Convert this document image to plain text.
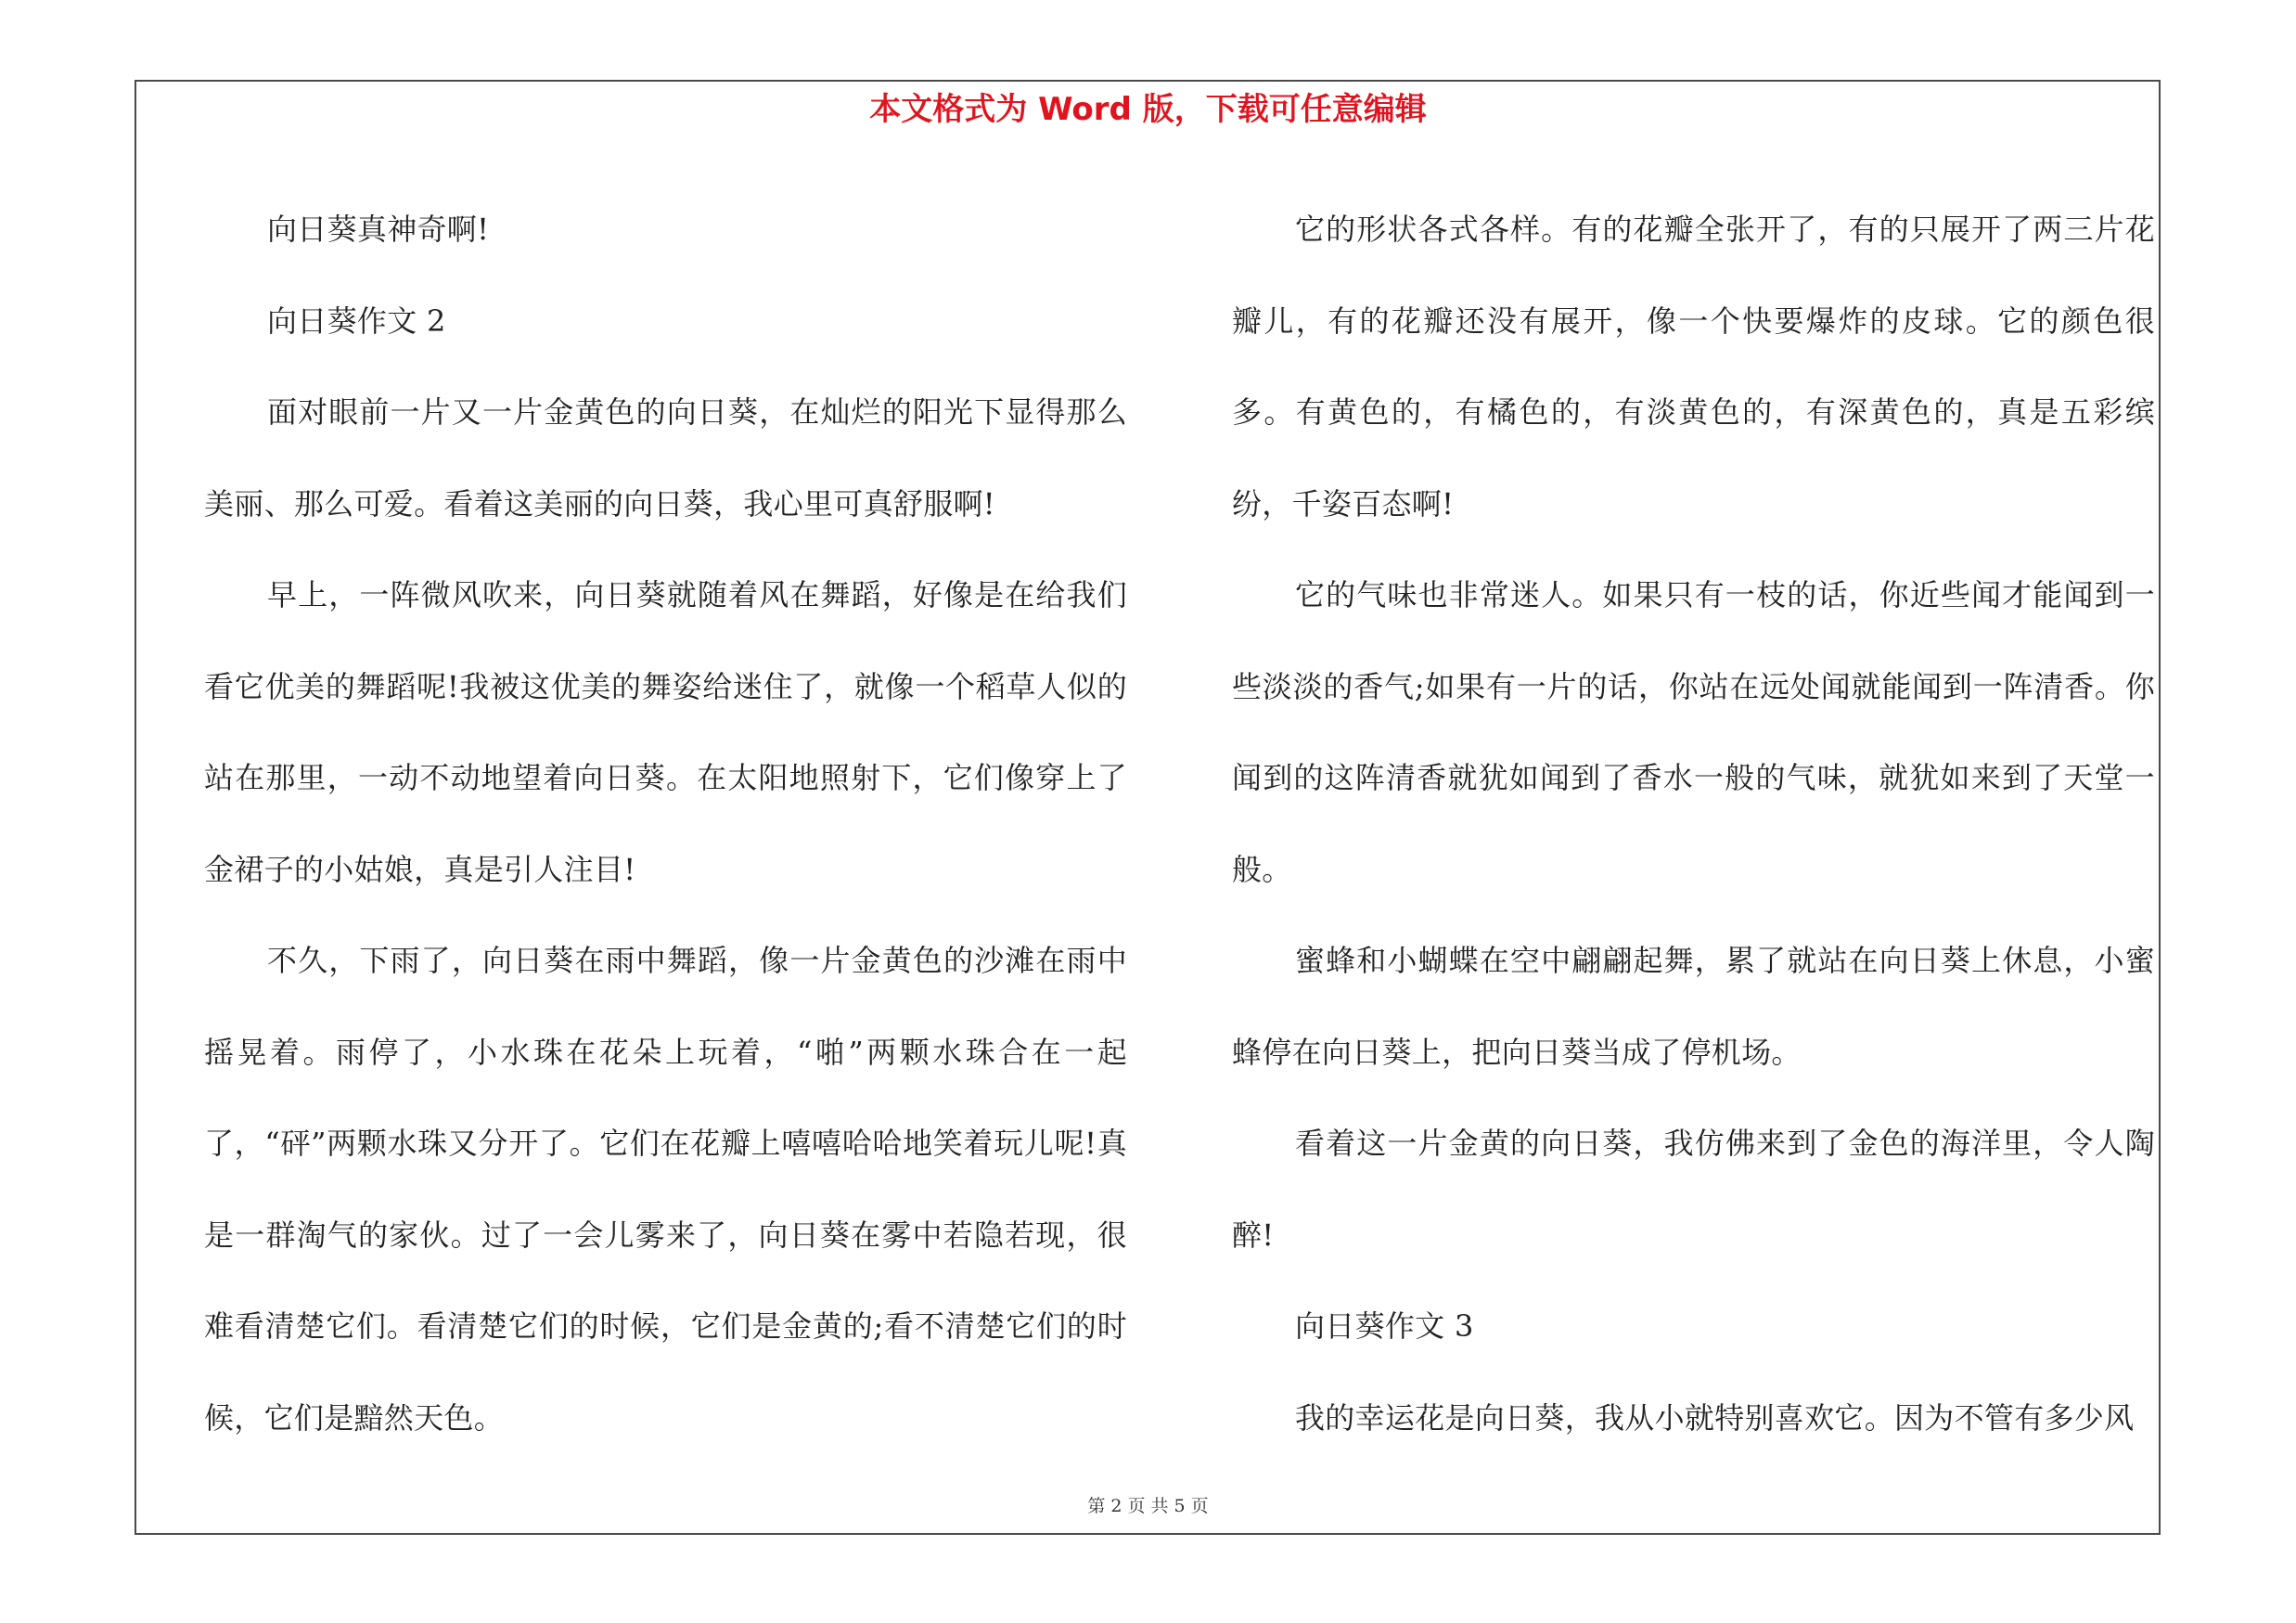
本文格式为 Word 版，下载可任意编辑

向日葵真神奇啊!

向日葵作文 2

面对眼前一片又一片金黄色的向日葵，在灿烂的阳光下显得那么美丽、那么可爱。看着这美丽的向日葵，我心里可真舒服啊!

早上，一阵微风吹来，向日葵就随着风在舞蹈，好像是在给我们看它优美的舞蹈呢!我被这优美的舞姿给迷住了，就像一个稻草人似的站在那里，一动不动地望着向日葵。在太阳地照射下，它们像穿上了金裙子的小姑娘，真是引人注目!

不久，下雨了，向日葵在雨中舞蹈，像一片金黄色的沙滩在雨中摇晃着。雨停了，小水珠在花朵上玩着，“啪”两颗水珠合在一起了，“砰”两颗水珠又分开了。它们在花瓣上嘻嘻哈哈地笑着玩儿呢!真是一群淘气的家伙。过了一会儿雾来了，向日葵在雾中若隐若现，很难看清楚它们。看清楚它们的时候，它们是金黄的;看不清楚它们的时候，它们是黯然天色。

它的形状各式各样。有的花瓣全张开了，有的只展开了两三片花瓣儿，有的花瓣还没有展开，像一个快要爆炸的皮球。它的颜色很多。有黄色的，有橘色的，有淡黄色的，有深黄色的，真是五彩缤纷，千姿百态啊!

它的气味也非常迷人。如果只有一枝的话，你近些闻才能闻到一些淡淡的香气;如果有一片的话，你站在远处闻就能闻到一阵清香。你闻到的这阵清香就犹如闻到了香水一般的气味，就犹如来到了天堂一般。

蜜蜂和小蝴蝶在空中翩翩起舞，累了就站在向日葵上休息，小蜜蜂停在向日葵上，把向日葵当成了停机场。

看着这一片金黄的向日葵，我仿佛来到了金色的海洋里，令人陶醉!

向日葵作文 3

我的幸运花是向日葵，我从小就特别喜欢它。因为不管有多少风

第 2 页 共 5 页
